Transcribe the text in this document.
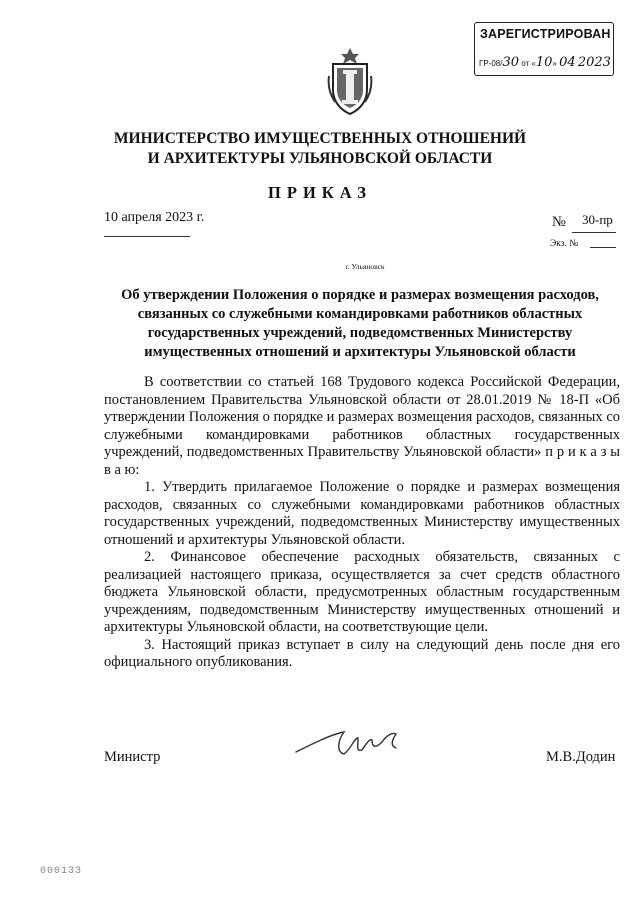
ЗАРЕГИСТРИРОВАН
ГР-08/30 от «10» 04 2023
МИНИСТЕРСТВО ИМУЩЕСТВЕННЫХ ОТНОШЕНИЙ
И АРХИТЕКТУРЫ УЛЬЯНОВСКОЙ ОБЛАСТИ
ПРИКАЗ
10 апреля 2023 г.	№ 30-пр
Экз. №
г. Ульяновск
Об утверждении Положения о порядке и размерах возмещения расходов, связанных со служебными командировками работников областных государственных учреждений, подведомственных Министерству имущественных отношений и архитектуры Ульяновской области

В соответствии со статьей 168 Трудового кодекса Российской Федерации, постановлением Правительства Ульяновской области от 28.01.2019 № 18-П «Об утверждении Положения о порядке и размерах возмещения расходов, связанных со служебными командировками работников областных государственных учреждений, подведомственных Правительству Ульяновской области» п р и к а з ы в а ю:

1. Утвердить прилагаемое Положение о порядке и размерах возмещения расходов, связанных со служебными командировками работников областных государственных учреждений, подведомственных Министерству имущественных отношений и архитектуры Ульяновской области.

2. Финансовое обеспечение расходных обязательств, связанных с реализацией настоящего приказа, осуществляется за счет средств областного бюджета Ульяновской области, предусмотренных областным государственным учреждениям, подведомственным Министерству имущественных отношений и архитектуры Ульяновской области, на соответствующие цели.

3. Настоящий приказ вступает в силу на следующий день после дня его официального опубликования.

Министр	М.В.Додин
000133
